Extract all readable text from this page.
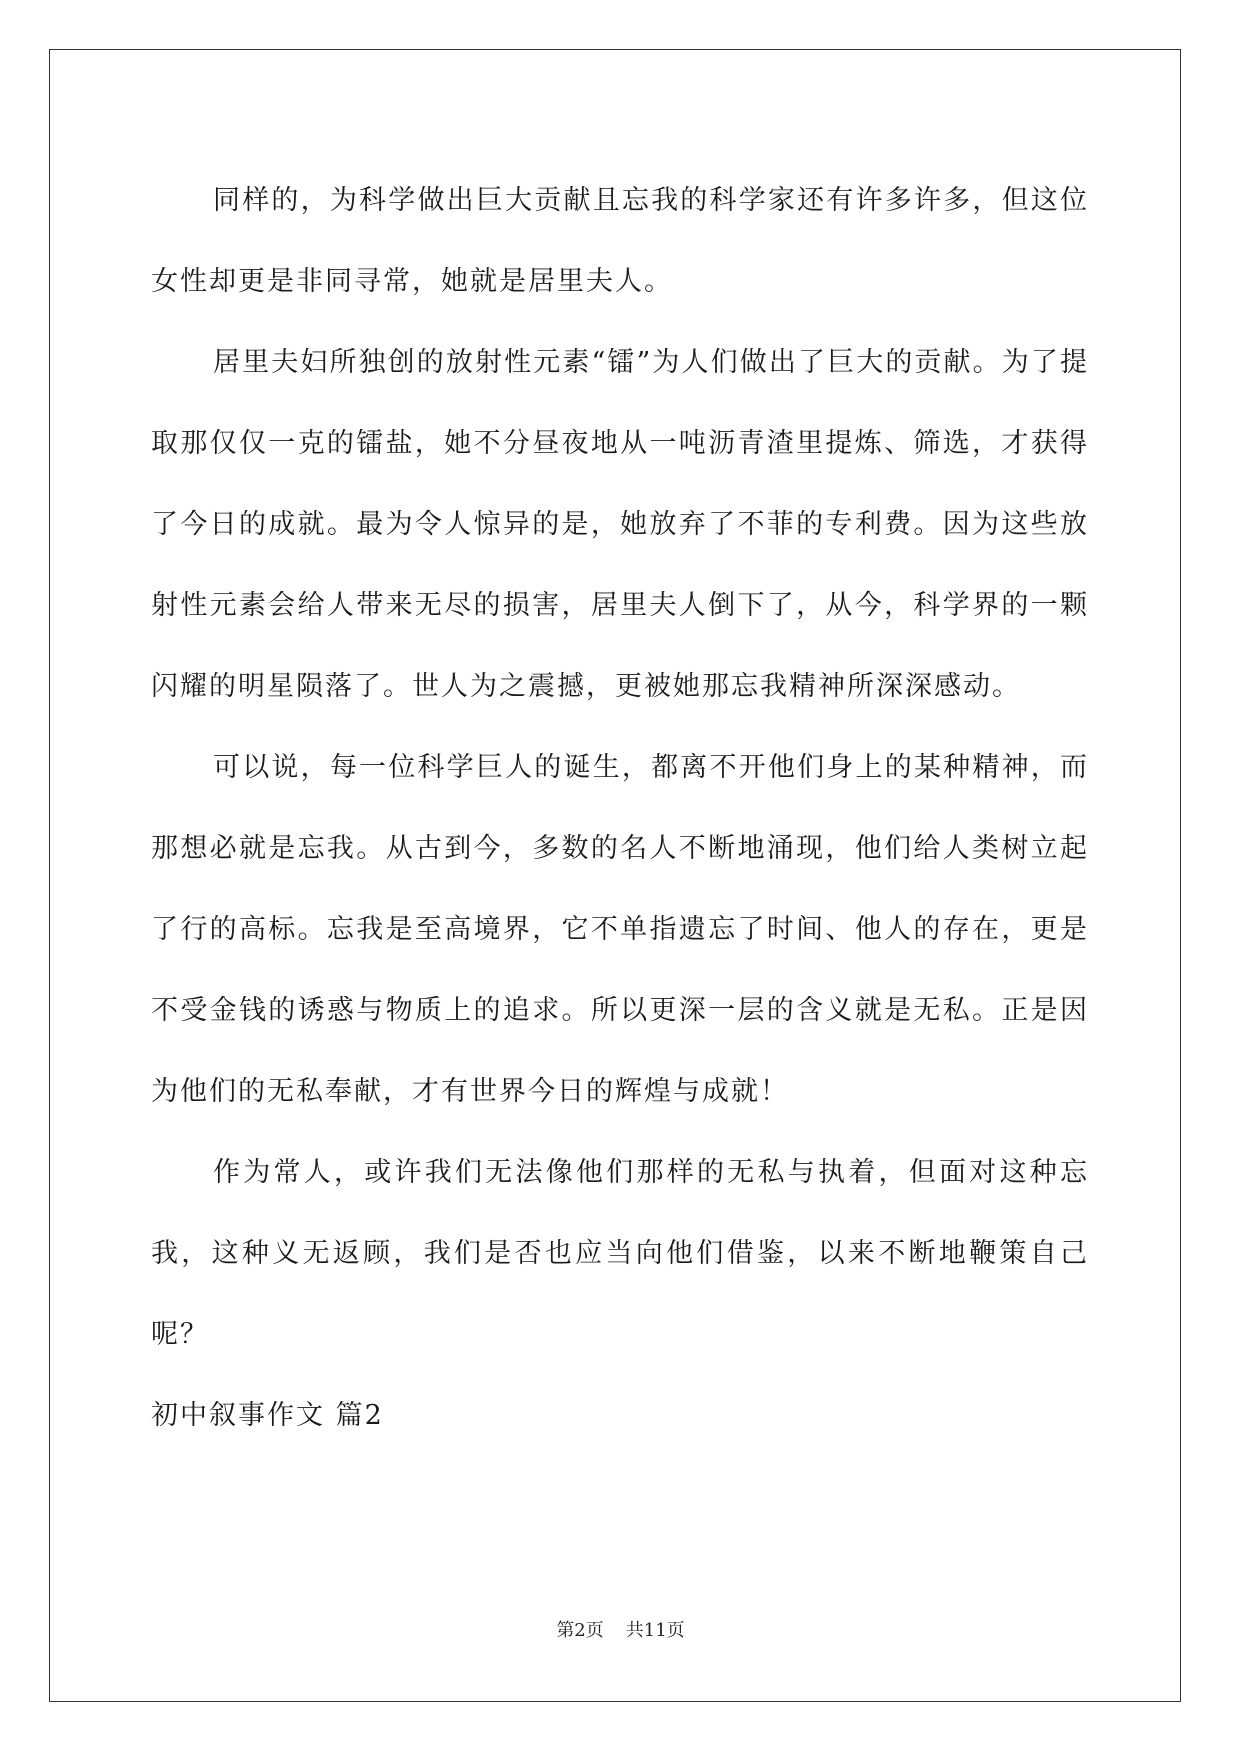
同样的，为科学做出巨大贡献且忘我的科学家还有许多许多，但这位女性却更是非同寻常，她就是居里夫人。

居里夫妇所独创的放射性元素“镭”为人们做出了巨大的贡献。为了提取那仅仅一克的镭盐，她不分昼夜地从一吨沥青渣里提炼、筛选，才获得了今日的成就。最为令人惊异的是，她放弃了不菲的专利费。因为这些放射性元素会给人带来无尽的损害，居里夫人倒下了，从今，科学界的一颗闪耀的明星陨落了。世人为之震撼，更被她那忘我精神所深深感动。

可以说，每一位科学巨人的诞生，都离不开他们身上的某种精神，而那想必就是忘我。从古到今，多数的名人不断地涌现，他们给人类树立起了行的高标。忘我是至高境界，它不单指遗忘了时间、他人的存在，更是不受金钱的诱惑与物质上的追求。所以更深一层的含义就是无私。正是因为他们的无私奉献，才有世界今日的辉煌与成就！

作为常人，或许我们无法像他们那样的无私与执着，但面对这种忘我，这种义无返顾，我们是否也应当向他们借鉴，以来不断地鞭策自己呢？

初中叙事作文 篇2

第2页 共11页
